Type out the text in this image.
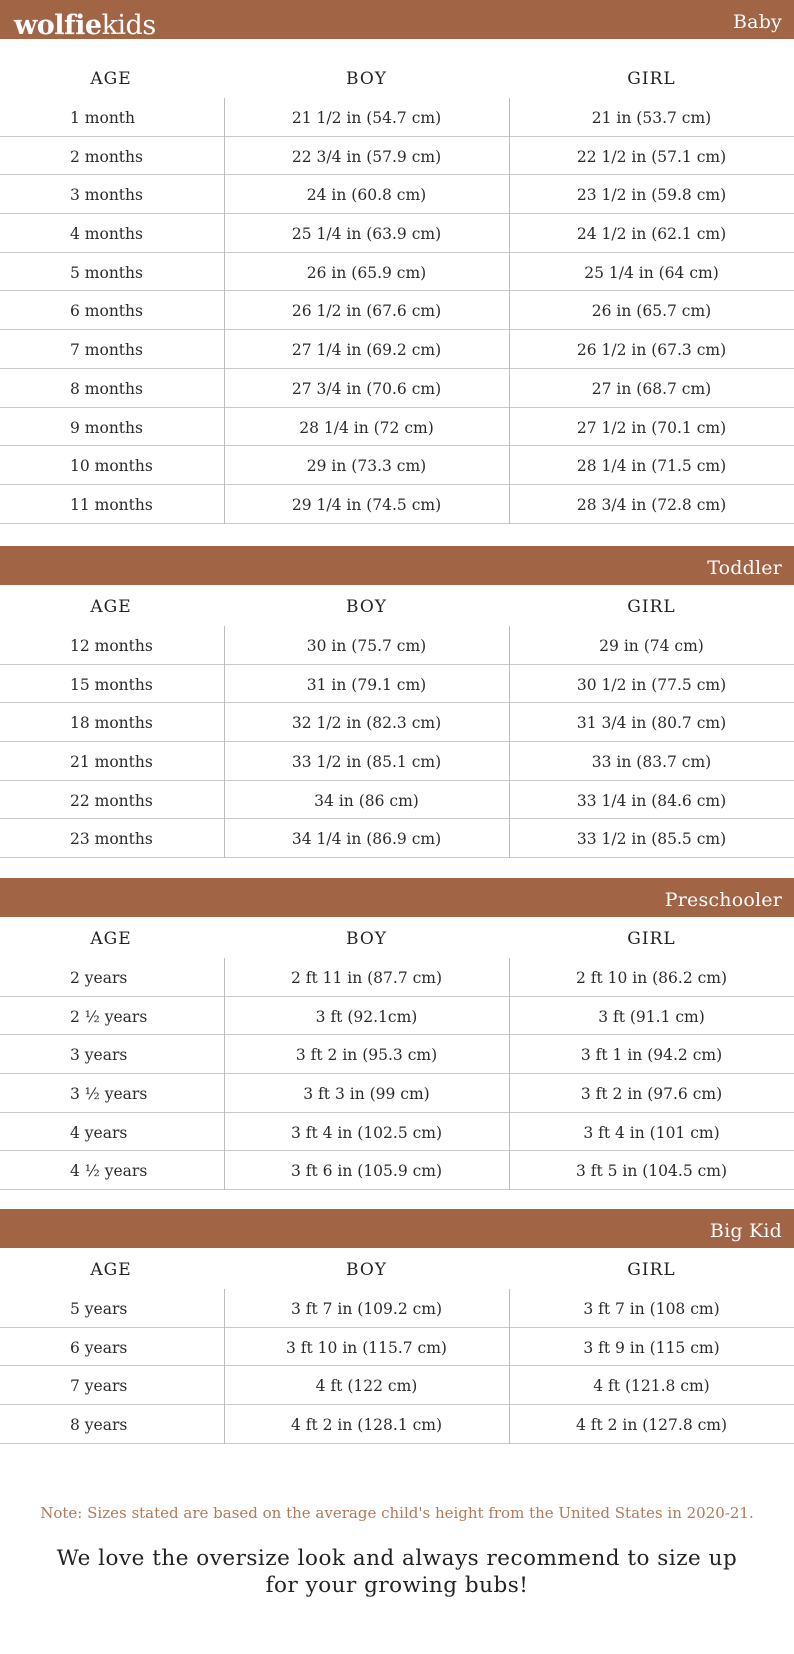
wolfiekids	Baby
AGE	BOY	GIRL
1 month	21 1/2 in (54.7 cm)	21 in (53.7 cm)
2 months	22 3/4 in (57.9 cm)	22 1/2 in (57.1 cm)
3 months	24 in (60.8 cm)	23 1/2 in (59.8 cm)
4 months	25 1/4 in (63.9 cm)	24 1/2 in (62.1 cm)
5 months	26 in (65.9 cm)	25 1/4 in (64 cm)
6 months	26 1/2 in (67.6 cm)	26 in (65.7 cm)
7 months	27 1/4 in (69.2 cm)	26 1/2 in (67.3 cm)
8 months	27 3/4 in (70.6 cm)	27 in (68.7 cm)
9 months	28 1/4 in (72 cm)	27 1/2 in (70.1 cm)
10 months	29 in (73.3 cm)	28 1/4 in (71.5 cm)
11 months	29 1/4 in (74.5 cm)	28 3/4 in (72.8 cm)
Toddler
AGE	BOY	GIRL
12 months	30 in (75.7 cm)	29 in (74 cm)
15 months	31 in (79.1 cm)	30 1/2 in (77.5 cm)
18 months	32 1/2 in (82.3 cm)	31 3/4 in (80.7 cm)
21 months	33 1/2 in (85.1 cm)	33 in (83.7 cm)
22 months	34 in (86 cm)	33 1/4 in (84.6 cm)
23 months	34 1/4 in (86.9 cm)	33 1/2 in (85.5 cm)
Preschooler
AGE	BOY	GIRL
2 years	2 ft 11 in (87.7 cm)	2 ft 10 in (86.2 cm)
2 ½ years	3 ft (92.1cm)	3 ft (91.1 cm)
3 years	3 ft 2 in (95.3 cm)	3 ft 1 in (94.2 cm)
3 ½ years	3 ft 3 in (99 cm)	3 ft 2 in (97.6 cm)
4 years	3 ft 4 in (102.5 cm)	3 ft 4 in (101 cm)
4 ½ years	3 ft 6 in (105.9 cm)	3 ft 5 in (104.5 cm)
Big Kid
AGE	BOY	GIRL
5 years	3 ft 7 in (109.2 cm)	3 ft 7 in (108 cm)
6 years	3 ft 10 in (115.7 cm)	3 ft 9 in (115 cm)
7 years	4 ft (122 cm)	4 ft (121.8 cm)
8 years	4 ft 2 in (128.1 cm)	4 ft 2 in (127.8 cm)
Note: Sizes stated are based on the average child's height from the United States in 2020-21.
We love the oversize look and always recommend to size up
for your growing bubs!
